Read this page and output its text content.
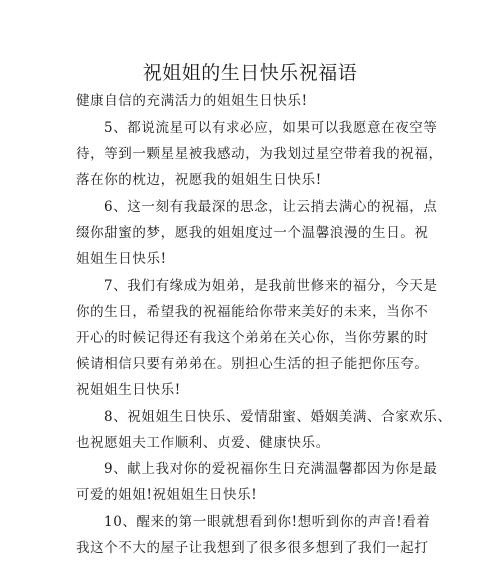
祝姐姐的生日快乐祝福语
健康自信的充满活力的姐姐生日快乐!
5、都说流星可以有求必应，如果可以我愿意在夜空等
待，等到一颗星星被我感动，为我划过星空带着我的祝福，
落在你的枕边，祝愿我的姐姐生日快乐!
6、这一刻有我最深的思念，让云捎去满心的祝福，点
缀你甜蜜的梦，愿我的姐姐度过一个温馨浪漫的生日。祝
姐姐生日快乐!
7、我们有缘成为姐弟，是我前世修来的福分，今天是
你的生日，希望我的祝福能给你带来美好的未来，当你不
开心的时候记得还有我这个弟弟在关心你，当你劳累的时
候请相信只要有弟弟在。别担心生活的担子能把你压夸。
祝姐姐生日快乐!
8、祝姐姐生日快乐、爱情甜蜜、婚姻美满、合家欢乐、
也祝愿姐夫工作顺利、贞爱、健康快乐。
9、献上我对你的爱祝福你生日充满温馨都因为你是最
可爱的姐姐!祝姐姐生日快乐!
10、醒来的第一眼就想看到你!想听到你的声音!看着
我这个不大的屋子让我想到了很多很多想到了我们一起打
